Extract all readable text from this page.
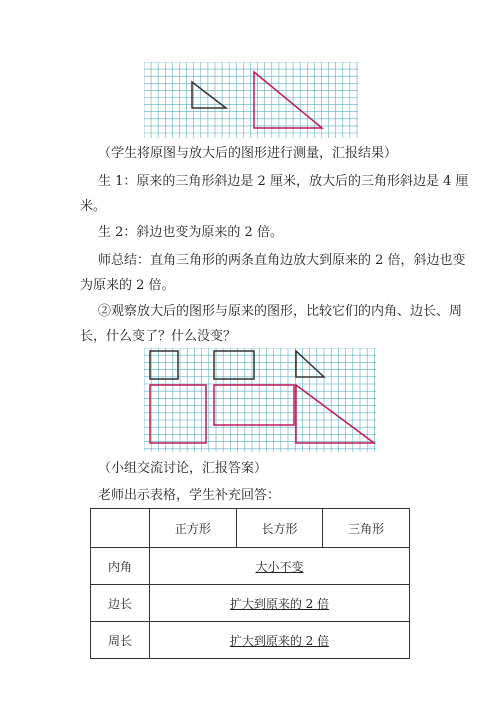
（学生将原图与放大后的图形进行测量，汇报结果）
生 1：原来的三角形斜边是 2 厘米，放大后的三角形斜边是 4 厘
米。
生 2：斜边也变为原来的 2 倍。
师总结：直角三角形的两条直角边放大到原来的 2 倍，斜边也变
为原来的 2 倍。
②观察放大后的图形与原来的图形，比较它们的内角、边长、周
长，什么变了？什么没变？
（小组交流讨论，汇报答案）
老师出示表格，学生补充回答：
	正方形	长方形	三角形
内角	大小不变		
边长	扩大到原来的 2 倍		
周长	扩大到原来的 2 倍		
